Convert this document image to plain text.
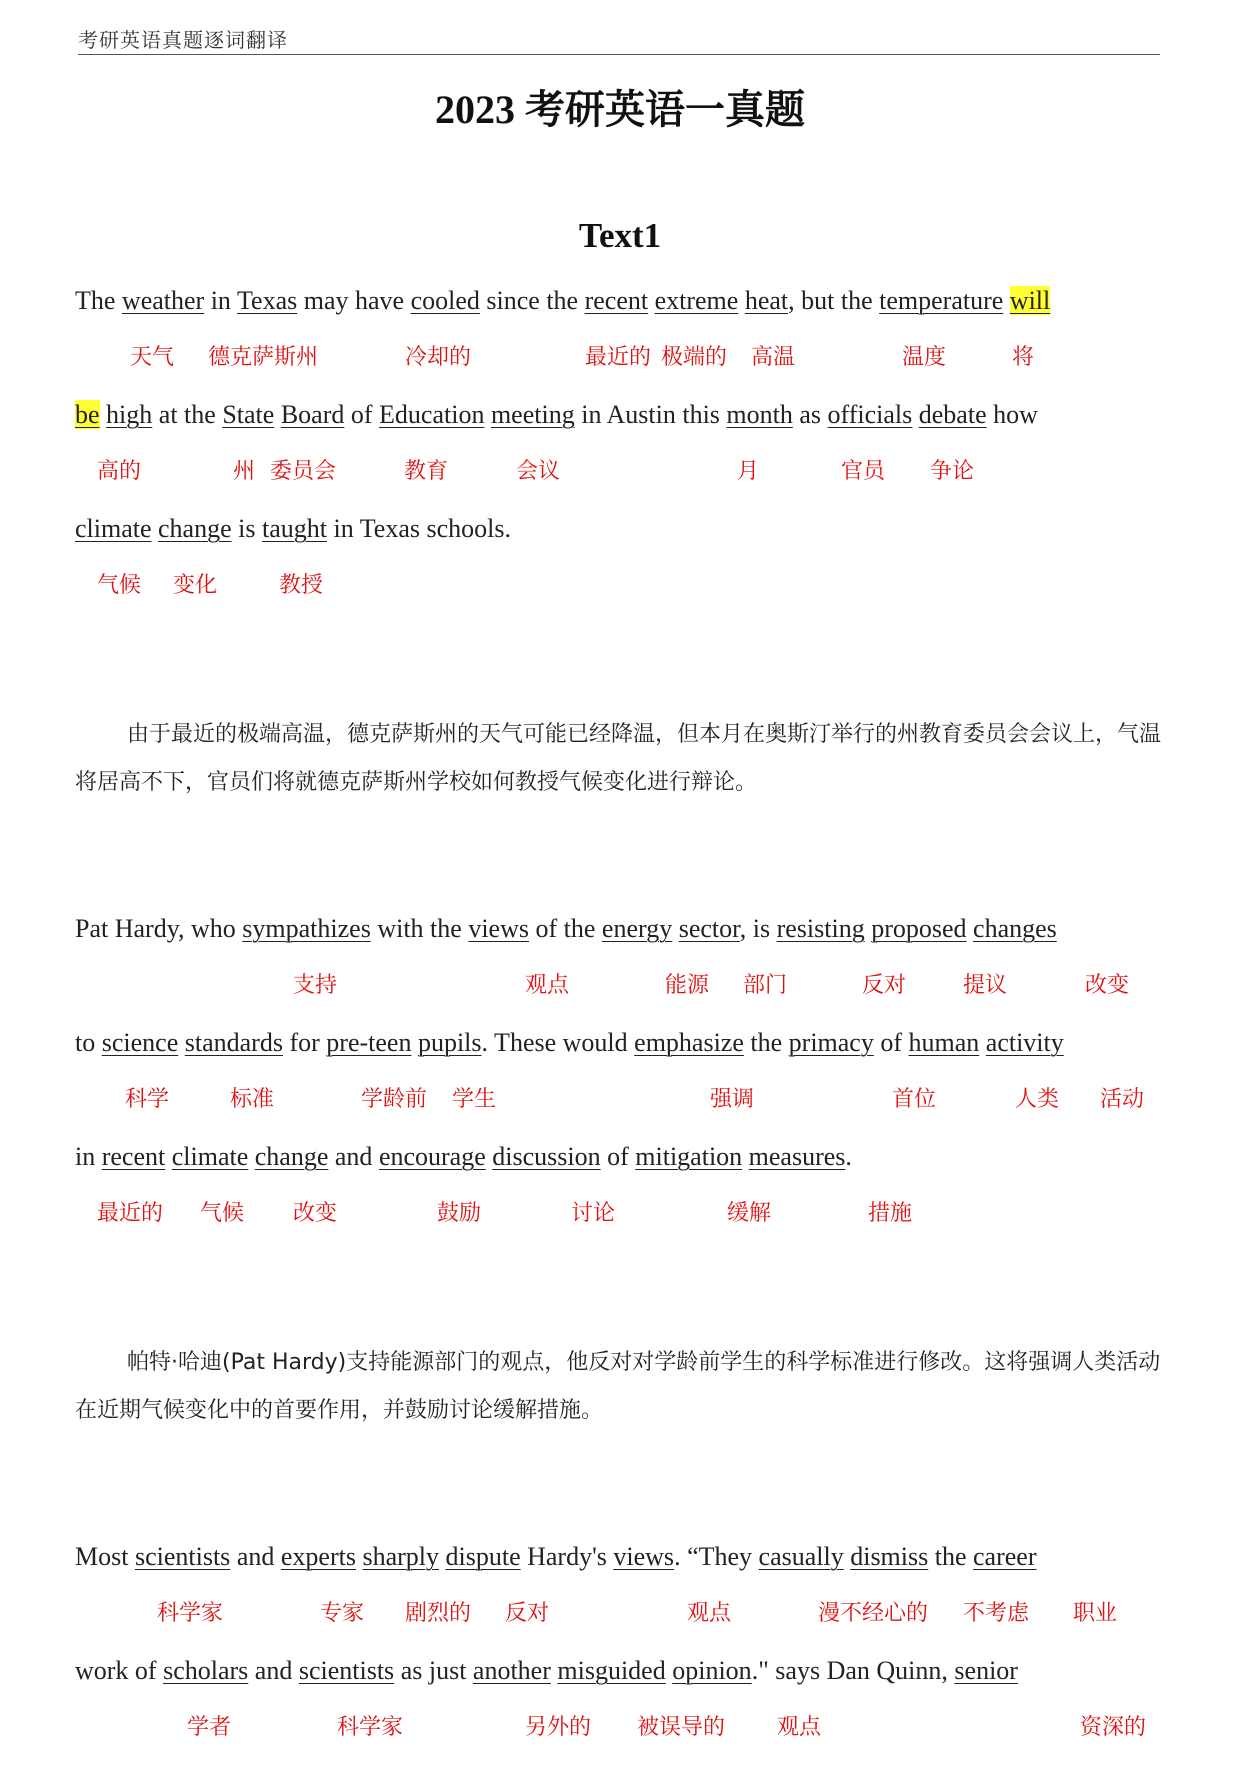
考研英语真题逐词翻译
2023 考研英语一真题
Text1
The weather in Texas may have cooled since the recent extreme heat, but the temperature will
天气 德克萨斯州	冷却的	最近的 极端的 高温	温度	将
be high at the State Board of Education meeting in Austin this month as officials debate how
高的	州 委员会	教育	会议	月	官员 争论
climate change is taught in Texas schools.
气候 变化	教授
由于最近的极端高温，德克萨斯州的天气可能已经降温，但本月在奥斯汀举行的州教育委员会会议上，气温将居高不下，官员们将就德克萨斯州学校如何教授气候变化进行辩论。
Pat Hardy, who sympathizes with the views of the energy sector, is resisting proposed changes
支持	观点	能源 部门	反对	提议	改变
to science standards for pre-teen pupils. These would emphasize the primacy of human activity
科学	标准	学龄前 学生	强调	首位	人类 活动
in recent climate change and encourage discussion of mitigation measures.
最近的 气候 改变	鼓励	讨论	缓解	措施
帕特·哈迪(Pat Hardy)支持能源部门的观点，他反对对学龄前学生的科学标准进行修改。这将强调人类活动在近期气候变化中的首要作用，并鼓励讨论缓解措施。
Most scientists and experts sharply dispute Hardy's views. “They casually dismiss the career
科学家	专家 剧烈的 反对	观点	漫不经心的 不考虑 职业
work of scholars and scientists as just another misguided opinion." says Dan Quinn, senior
学者	科学家	另外的 被误导的 观点	资深的
